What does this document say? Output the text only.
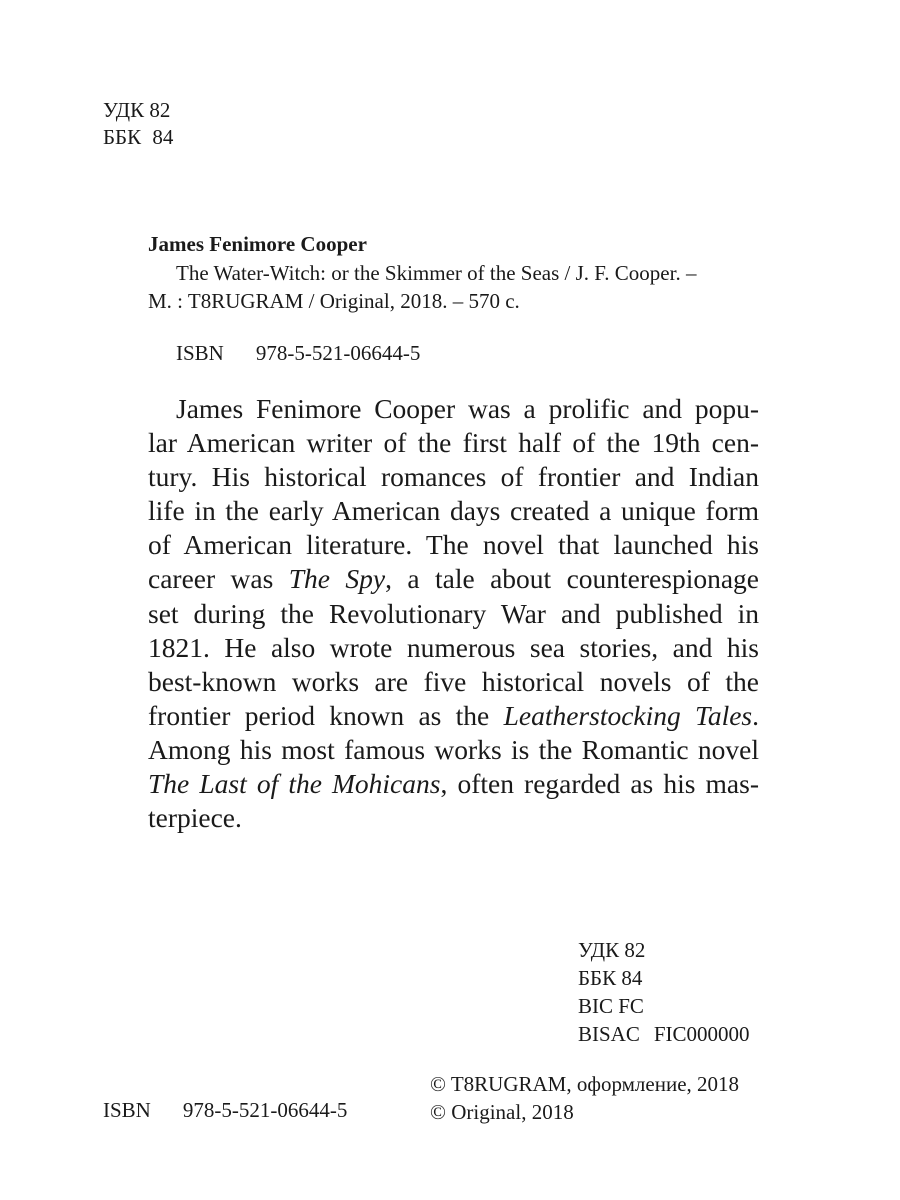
УДК 82
ББК 84
James Fenimore Cooper
The Water-Witch: or the Skimmer of the Seas / J. F. Cooper. –
M. : T8RUGRAM / Original, 2018. – 570 c.
ISBN 978-5-521-06644-5
James Fenimore Cooper was a prolific and popu-
lar American writer of the first half of the 19th cen-
tury. His historical romances of frontier and Indian
life in the early American days created a unique form
of American literature. The novel that launched his
career was The Spy, a tale about counterespionage
set during the Revolutionary War and published in
1821. He also wrote numerous sea stories, and his
best-known works are five historical novels of the
frontier period known as the Leatherstocking Tales.
Among his most famous works is the Romantic novel
The Last of the Mohicans, often regarded as his mas-
terpiece.
УДК 82
ББК 84
BIC FC
BISAC FIC000000
ISBN 978-5-521-06644-5
© T8RUGRAM, оформление, 2018
© Original, 2018
